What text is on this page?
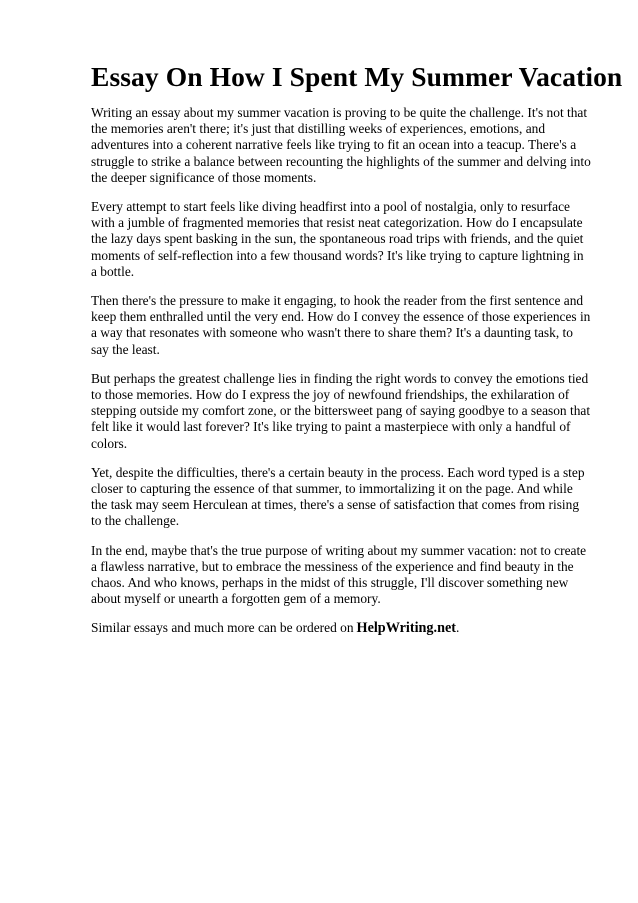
Essay On How I Spent My Summer Vacation

Writing an essay about my summer vacation is proving to be quite the challenge. It's not that the memories aren't there; it's just that distilling weeks of experiences, emotions, and adventures into a coherent narrative feels like trying to fit an ocean into a teacup. There's a struggle to strike a balance between recounting the highlights of the summer and delving into the deeper significance of those moments.

Every attempt to start feels like diving headfirst into a pool of nostalgia, only to resurface with a jumble of fragmented memories that resist neat categorization. How do I encapsulate the lazy days spent basking in the sun, the spontaneous road trips with friends, and the quiet moments of self-reflection into a few thousand words? It's like trying to capture lightning in a bottle.

Then there's the pressure to make it engaging, to hook the reader from the first sentence and keep them enthralled until the very end. How do I convey the essence of those experiences in a way that resonates with someone who wasn't there to share them? It's a daunting task, to say the least.

But perhaps the greatest challenge lies in finding the right words to convey the emotions tied to those memories. How do I express the joy of newfound friendships, the exhilaration of stepping outside my comfort zone, or the bittersweet pang of saying goodbye to a season that felt like it would last forever? It's like trying to paint a masterpiece with only a handful of colors.

Yet, despite the difficulties, there's a certain beauty in the process. Each word typed is a step closer to capturing the essence of that summer, to immortalizing it on the page. And while the task may seem Herculean at times, there's a sense of satisfaction that comes from rising to the challenge.

In the end, maybe that's the true purpose of writing about my summer vacation: not to create a flawless narrative, but to embrace the messiness of the experience and find beauty in the chaos. And who knows, perhaps in the midst of this struggle, I'll discover something new about myself or unearth a forgotten gem of a memory.

Similar essays and much more can be ordered on HelpWriting.net.
